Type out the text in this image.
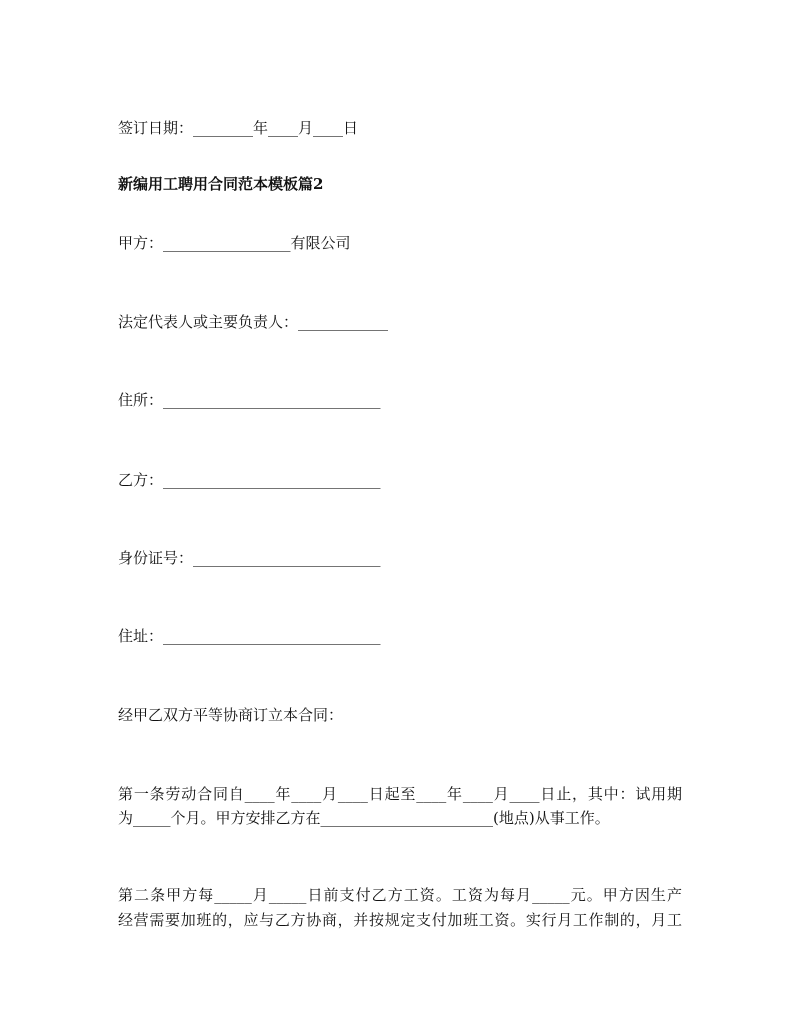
签订日期：________年____月____日
新编用工聘用合同范本模板篇2
甲方：_________________有限公司
法定代表人或主要负责人：____________
住所：_____________________________
乙方：_____________________________
身份证号：_________________________
住址：_____________________________
经甲乙双方平等协商订立本合同：
第一条劳动合同自____年____月____日起至____年____月____日止，其中：试用期
为_____个月。甲方安排乙方在_______________________(地点)从事工作。
第二条甲方每_____月_____日前支付乙方工资。工资为每月_____元。甲方因生产
经营需要加班的，应与乙方协商，并按规定支付加班工资。实行月工作制的，月工
